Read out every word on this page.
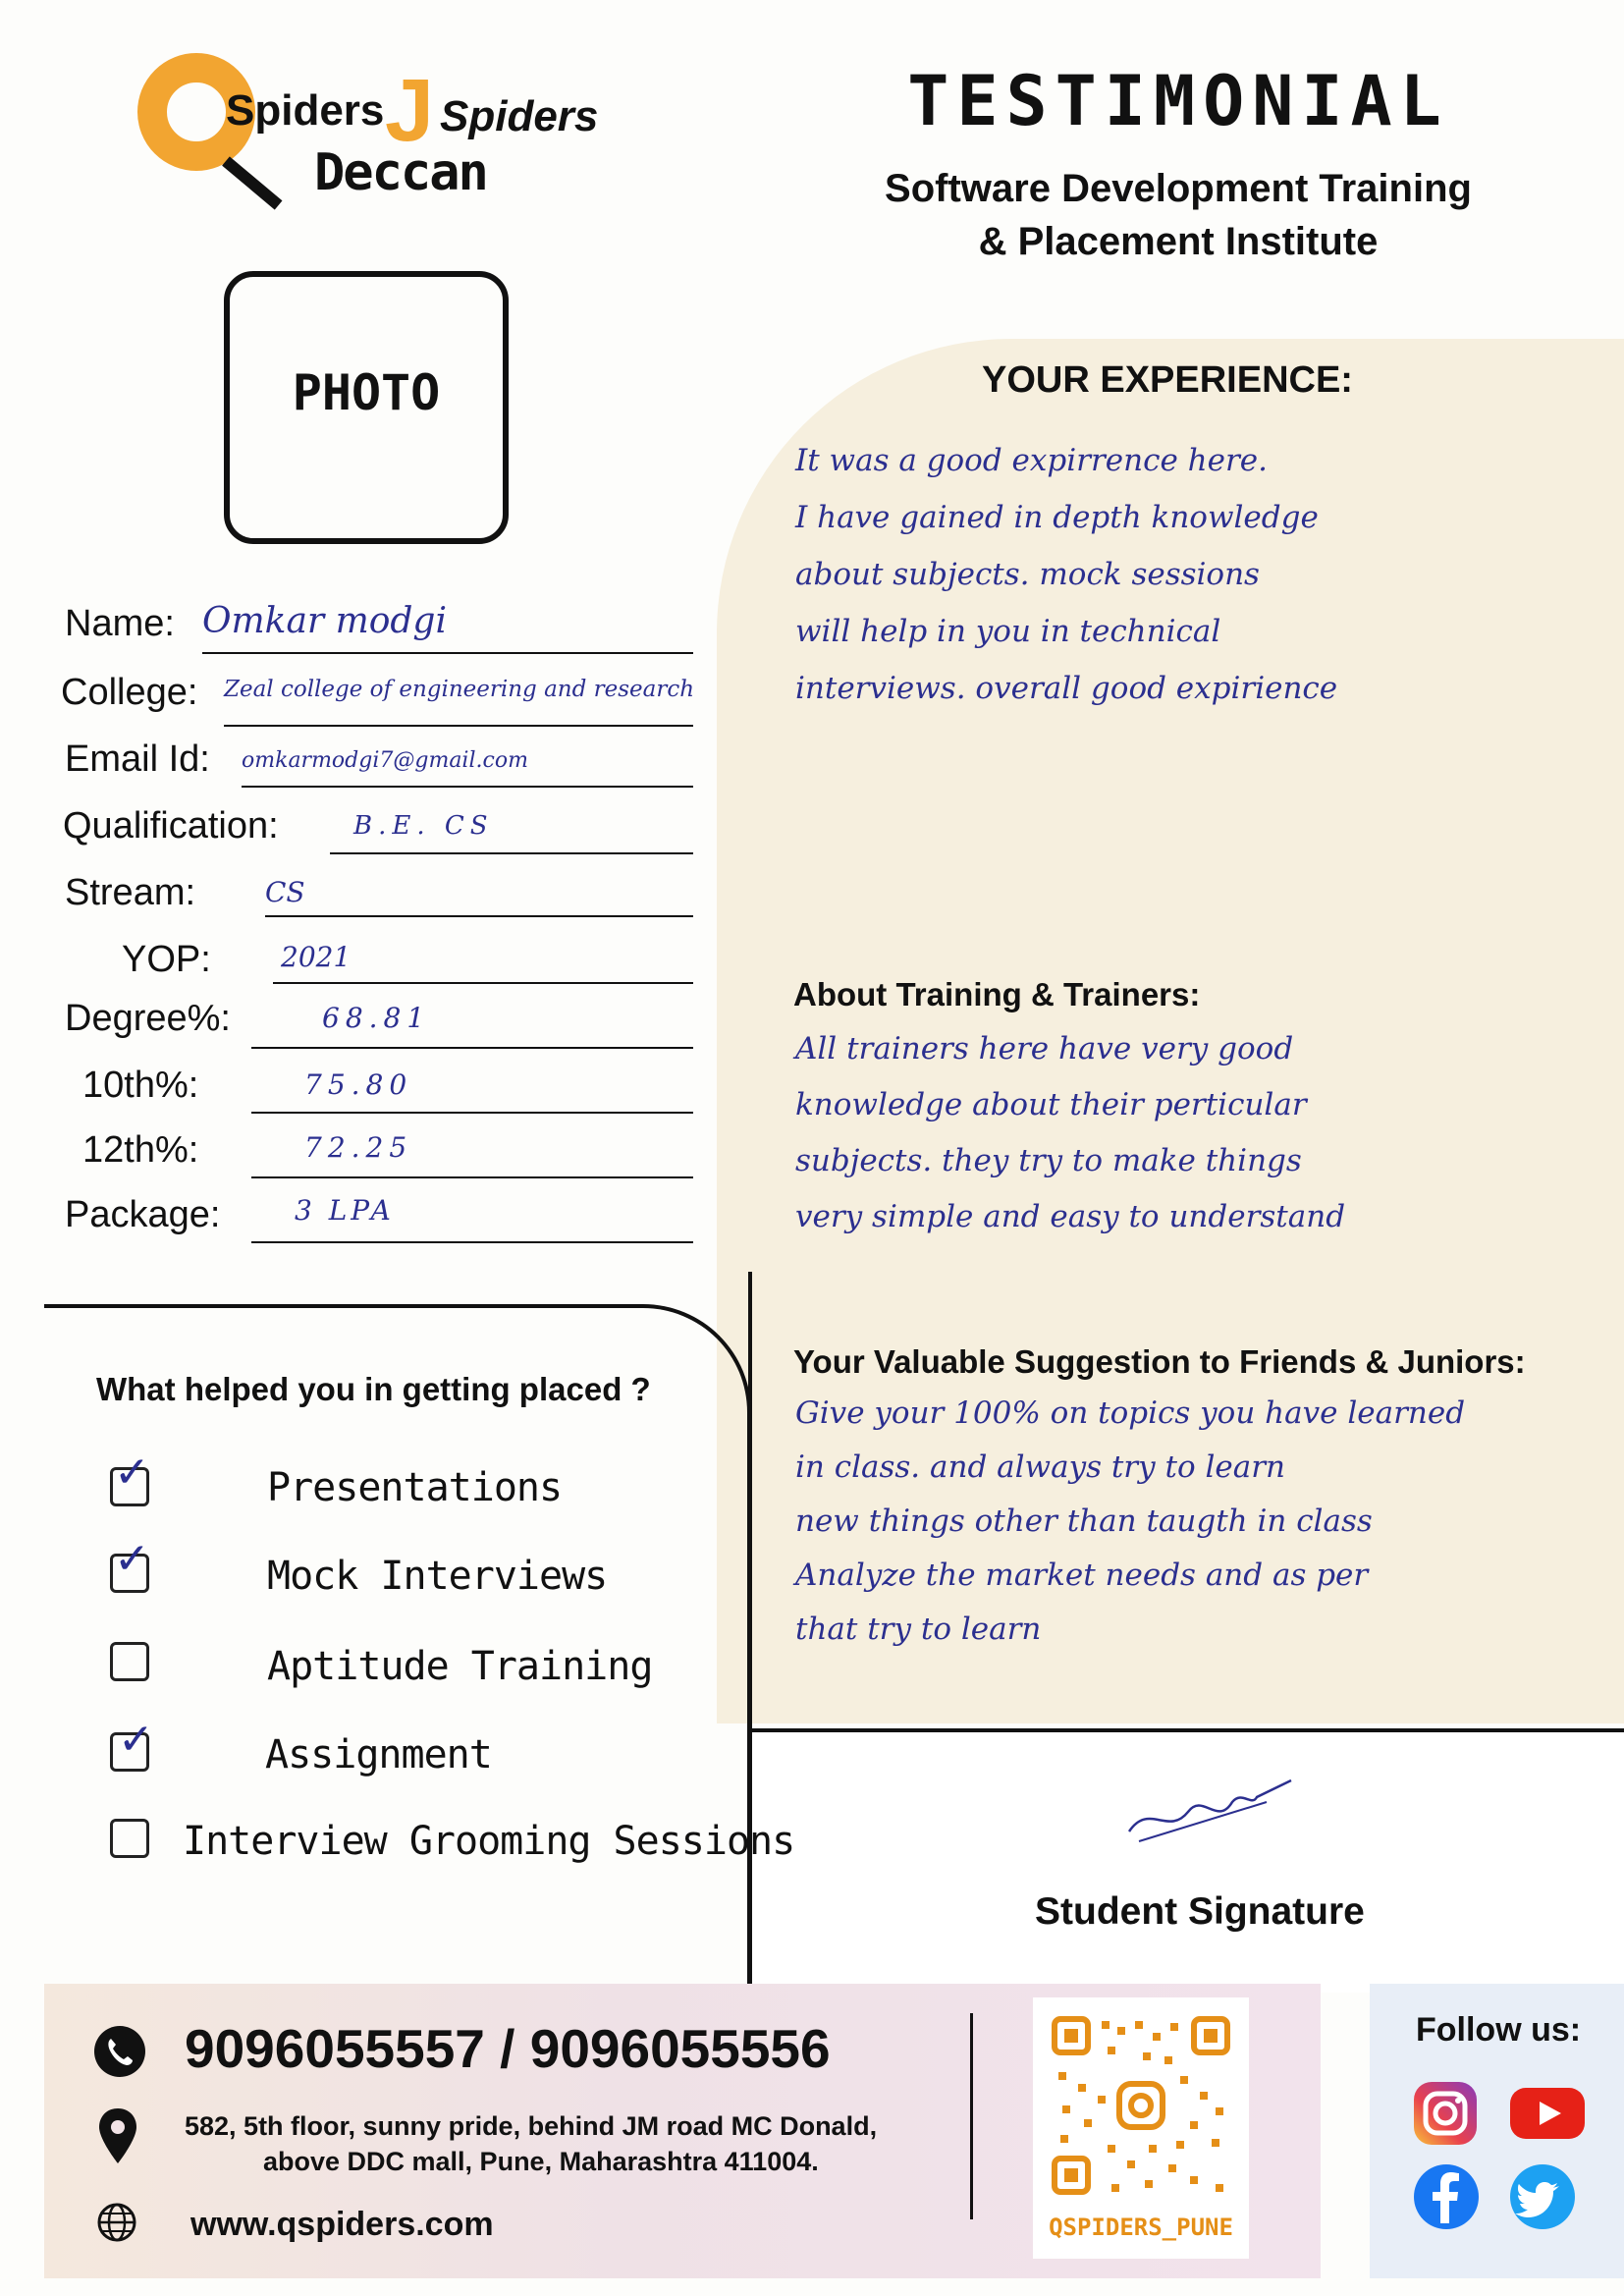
Spiders J Spiders
Deccan
TESTIMONIAL
Software Development Training
& Placement Institute
PHOTO	YOUR EXPERIENCE:
It was a good expirrence here.
I have gained in depth knowledge
about subjects. mock sessions
will help in you in technical
interviews. overall good expirience
About Training & Trainers:
All trainers here have very good
knowledge about their perticular
subjects. they try to make things
very simple and easy to understand
Your Valuable Suggestion to Friends & Juniors:
Give your 100% on topics you have learned
in class. and always try to learn
new things other than taugth in class
Analyze the market needs and as per
that try to learn
Student Signature
Name: Omkar modgi
College: Zeal college of engineering and research
Email Id: omkarmodgi7@gmail.com
Qualification:	B.E. CS
Stream:	CS
YOP:	2021
Degree%:	68.81
10th%:	75.80
12th%:	72.25
Package:	3 LPA
What helped you in getting placed ?
✓	Presentations
✓	Mock Interviews
Aptitude Training
✓	Assignment
Interview Grooming Sessions
9096055557 / 9096055556
582, 5th floor, sunny pride, behind JM road MC Donald,
above DDC mall, Pune, Maharashtra 411004.
www.qspiders.com	QSPIDERS_PUNE
Follow us:
